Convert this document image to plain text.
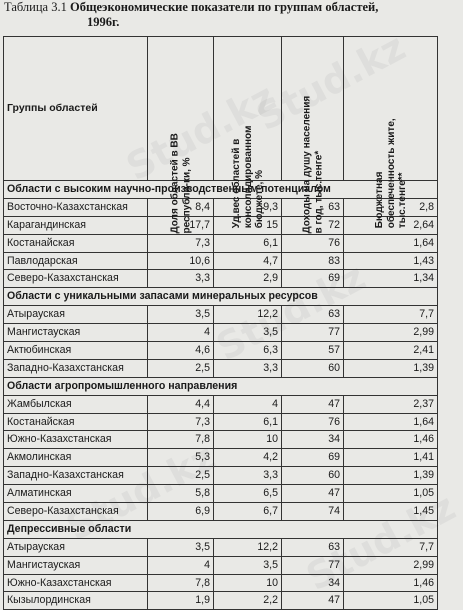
Таблица 3.1 Общеэкономические показатели по группам областей,
1996г.
Группы областей	Доля областей в ВВ республи-ки, %	Уд.вес областей в консолидированном бюджете, %	Доходы на душу населения в год, тыс.тенге*	Бюджетная обеспеченность жите, тыс.тенге**

Области с высоким научно-производственным потенциалом				
Восточно-Казахстанская	8,4	9,3	63	2,8
Карагандинская	17,7	15	72	2,64
Костанайская	7,3	6,1	76	1,64
Павлодарская	10,6	4,7	83	1,43
Северо-Казахстанская	3,3	2,9	69	1,34
Области с уникальными запасами минеральных ресурсов				
Атырауская	3,5	12,2	63	7,7
Мангистауская	4	3,5	77	2,99
Актюбинская	4,6	6,3	57	2,41
Западно-Казахстанская	2,5	3,3	60	1,39
Области агропромышленного направления				
Жамбылская	4,4	4	47	2,37
Костанайская	7,3	6,1	76	1,64
Южно-Казахстанская	7,8	10	34	1,46
Акмолинская	5,3	4,2	69	1,41
Западно-Казахстанская	2,5	3,3	60	1,39
Алматинская	5,8	6,5	47	1,05
Северо-Казахстанская	6,9	6,7	74	1,45
Депрессивные области				
Атырауская	3,5	12,2	63	7,7
Мангистауская	4	3,5	77	2,99
Южно-Казахстанская	7,8	10	34	1,46
Кызылординская	1,9	2,2	47	1,05
